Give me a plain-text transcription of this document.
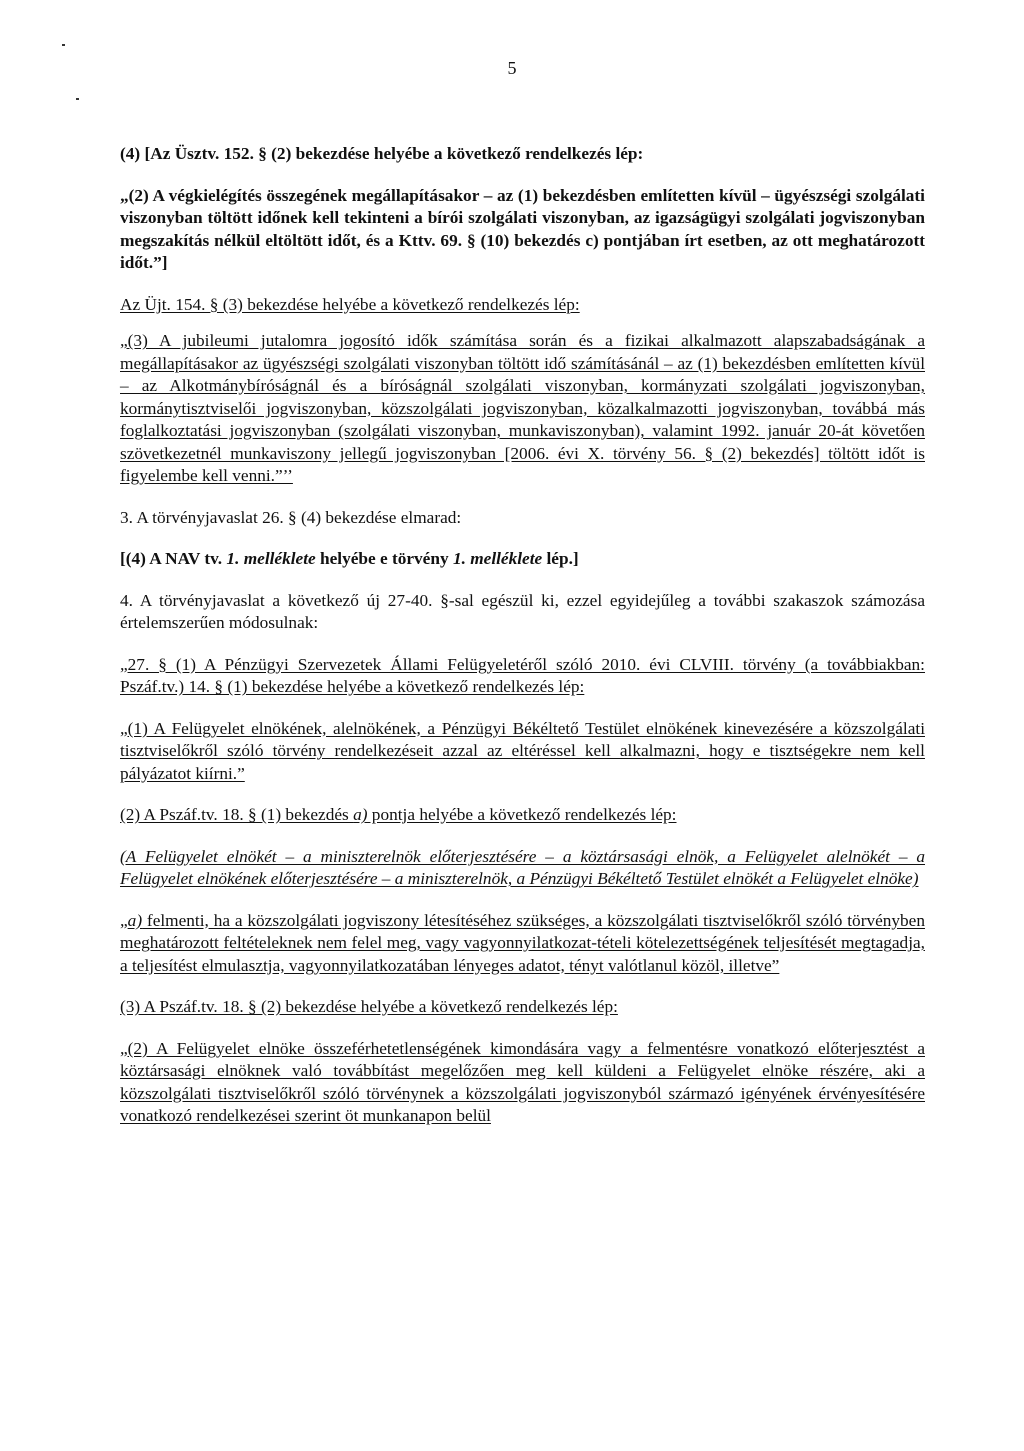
5

(4) [Az Üsztv. 152. § (2) bekezdése helyébe a következő rendelkezés lép:

„(2) A végkielégítés összegének megállapításakor – az (1) bekezdésben említetten kívül – ügyészségi szolgálati viszonyban töltött időnek kell tekinteni a bírói szolgálati viszonyban, az igazságügyi szolgálati jogviszonyban megszakítás nélkül eltöltött időt, és a Kttv. 69. § (10) bekezdés c) pontjában írt esetben, az ott meghatározott időt.”]

Az Üjt. 154. § (3) bekezdése helyébe a következő rendelkezés lép:

„(3) A jubileumi jutalomra jogosító idők számítása során és a fizikai alkalmazott alapszabadságának a megállapításakor az ügyészségi szolgálati viszonyban töltött idő számításánál – az (1) bekezdésben említetten kívül – az Alkotmánybíróságnál és a bíróságnál szolgálati viszonyban, kormányzati szolgálati jogviszonyban, kormánytisztviselői jogviszonyban, közszolgálati jogviszonyban, közalkalmazotti jogviszonyban, továbbá más foglalkoztatási jogviszonyban (szolgálati viszonyban, munkaviszonyban), valamint 1992. január 20-át követően szövetkezetnél munkaviszony jellegű jogviszonyban [2006. évi X. törvény 56. § (2) bekezdés] töltött időt is figyelembe kell venni.”’’

3. A törvényjavaslat 26. § (4) bekezdése elmarad:

[(4) A NAV tv. 1. melléklete helyébe e törvény 1. melléklete lép.]

4. A törvényjavaslat a következő új 27-40. §-sal egészül ki, ezzel egyidejűleg a további szakaszok számozása értelemszerűen módosulnak:

„27. § (1) A Pénzügyi Szervezetek Állami Felügyeletéről szóló 2010. évi CLVIII. törvény (a továbbiakban: Pszáf.tv.) 14. § (1) bekezdése helyébe a következő rendelkezés lép:

„(1) A Felügyelet elnökének, alelnökének, a Pénzügyi Békéltető Testület elnökének kinevezésére a közszolgálati tisztviselőkről szóló törvény rendelkezéseit azzal az eltéréssel kell alkalmazni, hogy e tisztségekre nem kell pályázatot kiírni.”

(2) A Pszáf.tv. 18. § (1) bekezdés a) pontja helyébe a következő rendelkezés lép:

(A Felügyelet elnökét – a miniszterelnök előterjesztésére – a köztársasági elnök, a Felügyelet alelnökét – a Felügyelet elnökének előterjesztésére – a miniszterelnök, a Pénzügyi Békéltető Testület elnökét a Felügyelet elnöke)

„a) felmenti, ha a közszolgálati jogviszony létesítéséhez szükséges, a közszolgálati tisztviselőkről szóló törvényben meghatározott feltételeknek nem felel meg, vagy vagyonnyilatkozat-tételi kötelezettségének teljesítését megtagadja, a teljesítést elmulasztja, vagyonnyilatkozatában lényeges adatot, tényt valótlanul közöl, illetve”

(3) A Pszáf.tv. 18. § (2) bekezdése helyébe a következő rendelkezés lép:

„(2) A Felügyelet elnöke összeférhetetlenségének kimondására vagy a felmentésre vonatkozó előterjesztést a köztársasági elnöknek való továbbítást megelőzően meg kell küldeni a Felügyelet elnöke részére, aki a közszolgálati tisztviselőkről szóló törvénynek a közszolgálati jogviszonyból származó igényének érvényesítésére vonatkozó rendelkezései szerint öt munkanapon belül
